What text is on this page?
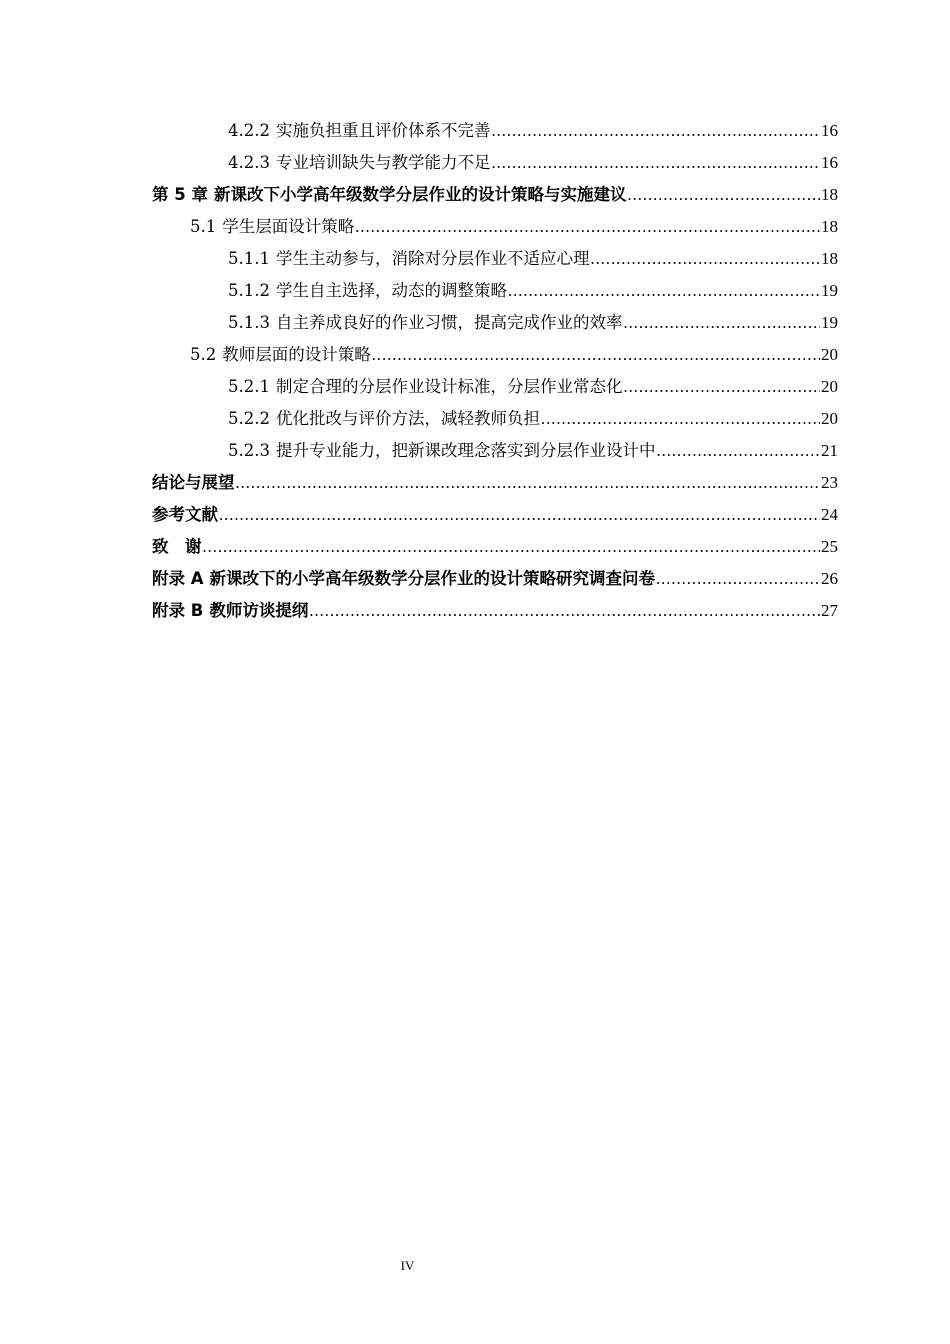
4.2.2 实施负担重且评价体系不完善 .....	16
4.2.3 专业培训缺失与教学能力不足 .....	16
第 5 章 新课改下小学高年级数学分层作业的设计策略与实施建议 .....	18
5.1 学生层面设计策略 .....	18
5.1.1 学生主动参与，消除对分层作业不适应心理 .....	18
5.1.2 学生自主选择，动态的调整策略 .....	19
5.1.3 自主养成良好的作业习惯，提高完成作业的效率 .....	19
5.2 教师层面的设计策略 .....	20
5.2.1 制定合理的分层作业设计标准，分层作业常态化 .....	20
5.2.2 优化批改与评价方法，减轻教师负担 .....	20
5.2.3 提升专业能力，把新课改理念落实到分层作业设计中 .....	21
结论与展望 .....	23
参考文献 .....	24
致　谢 .....	25
附录 A 新课改下的小学高年级数学分层作业的设计策略研究调查问卷 .....	26
附录 B 教师访谈提纲 .....	27
IV
